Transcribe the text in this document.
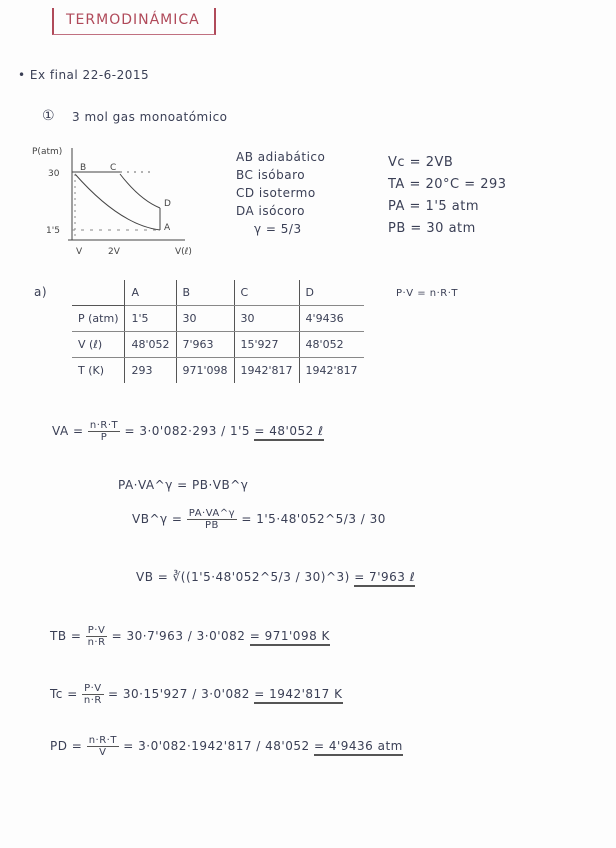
TERMODINÁMICA
• Ex final 22-6-2015
① 3 mol gas monoatómico
P(atm)
30
1'5
V	2V	V(ℓ)
B	C
D
A
AB adiabático
BC isóbaro
CD isotermo
DA isócoro
γ = 5/3
Vc = 2VB
TA = 20°C = 293
PA = 1'5 atm
PB = 30 atm
a)	P·V = n·R·T
	A	B	C	D
P (atm)	1'5	30	30	4'9436
V (ℓ)	48'052	7'963	15'927	48'052
T (K)	293	971'098	1942'817	1942'817
VA = $\frac{n\cdot R\cdot T}{P} = 3\cdot 0'082\cdot 293 / 1'5 = 48'052$ ℓ
PA·VA^γ = PB·VB^γ
VB^γ = $\frac{PA\cdot VA\^{}\gamma}{PB}$ = 1'5·48'052^5/3 / 30
VB = ∛((1'5·48'052^5/3 / 30)^3) = 7'963 ℓ
TB = $\frac{P\cdot V}{n\cdot R} = 30\cdot 7'963 / 3\cdot 0'082 = 971'098$ K
$Tc = \frac{P\cdot V}{n\cdot R} = 30\cdot 15'927 / 3\cdot 0'082 = 1942'817$ K
PD = $\frac{n\cdot R\cdot T}{V} = 3\cdot 0'082\cdot 1942'817 / 48'052 = 4'9436$ atm
